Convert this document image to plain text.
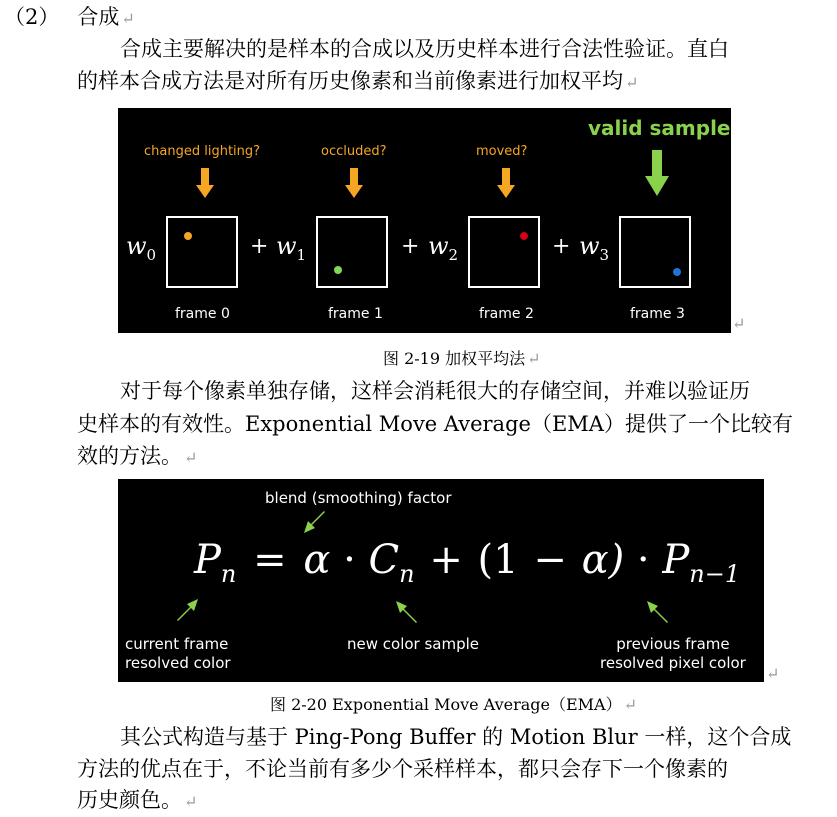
（2） 合成 ↵
合成主要解决的是样本的合成以及历史样本进行合法性验证。直白
的样本合成方法是对所有历史像素和当前像素进行加权平均 ↵
changed lighting?	occluded?	moved?
valid sample
$w_0$	+ $w_1$	+ $w_2$	+ $w_3$
frame 0	frame 1	frame 2	frame 3	↵
图 2-19 加权平均法 ↵
对于每个像素单独存储，这样会消耗很大的存储空间，并难以验证历
史样本的有效性。Exponential Move Average（EMA）提供了一个比较有
效的方法。 ↵
blend (smoothing) factor
$P_n = \alpha \cdot C_n + (1 - \alpha) \cdot P_{n-1}$
current frame
resolved color
new color sample	previous frame
resolved pixel color
↵
图 2-20 Exponential Move Average（EMA） ↵
其公式构造与基于 Ping-Pong Buffer 的 Motion Blur 一样，这个合成
方法的优点在于，不论当前有多少个采样样本，都只会存下一个像素的
历史颜色。 ↵
